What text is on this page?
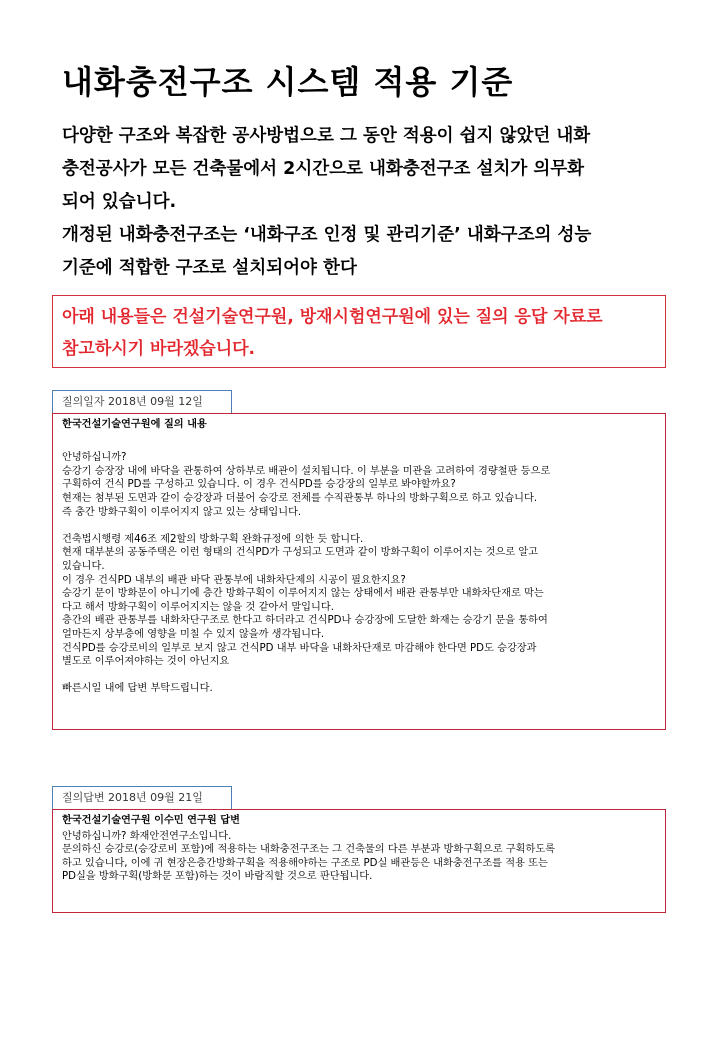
내화충전구조 시스템 적용 기준

다양한 구조와 복잡한 공사방법으로 그 동안 적용이 쉽지 않았던 내화

충전공사가 모든 건축물에서 2시간으로 내화충전구조 설치가 의무화

되어 있습니다.

개정된 내화충전구조는 ‘내화구조 인정 및 관리기준’ 내화구조의 성능

기준에 적합한 구조로 설치되어야 한다

아래 내용들은 건설기술연구원, 방재시험연구원에 있는 질의 응답 자료로

참고하시기 바라겠습니다.

질의일자 2018년 09월 12일
한국건설기술연구원에 질의 내용
안녕하십니까?
승강기 승장장 내에 바닥을 관통하여 상하부로 배관이 설치됩니다. 이 부분을 미관을 고려하여 경량철판 등으로
구획하여 건식 PD를 구성하고 있습니다. 이 경우 건식PD를 승강장의 일부로 봐야할까요?
현재는 첨부된 도면과 같이 승강장과 더불어 승강로 전체를 수직관통부 하나의 방화구획으로 하고 있습니다.
즉 충간 방화구획이 이루어지지 않고 있는 상태입니다.
건축법시행령 제46조 제2할의 방화구획 완화규정에 의한 듯 합니다.
현재 대부분의 공동주택은 이런 형태의 건식PD가 구성되고 도면과 같이 방화구획이 이루어지는 것으로 알고
있습니다.
이 경우 건식PD 내부의 배관 바닥 관통부에 내화차단제의 시공이 필요한지요?
승강기 문이 방화문이 아니기에 층간 방화구획이 이루어지지 않는 상태에서 배관 관통부만 내화차단재로 막는
다고 해서 방화구획이 이루어지지는 않을 것 같아서 말입니다.
층간의 배관 관통부를 내화차단구조로 한다고 하더라고 건식PD나 승강장에 도달한 화재는 승강기 문을 통하여
얼마든지 상부층에 영향을 미칠 수 있지 않을까 생각됩니다.
건식PD를 승강로비의 일부로 보지 않고 건식PD 내부 바닥을 내화차단재로 마감해야 한다면 PD도 승강장과
별도로 이루어져야하는 것이 아닌지요
빠른시일 내에 답변 부탁드립니다.
질의답변 2018년 09월 21일
한국건설기술연구원 이수민 연구원 답변
안녕하십니까? 화재안전연구소입니다.
문의하신 승강로(승강로비 포함)에 적용하는 내화충전구조는 그 건축물의 다른 부분과 방화구획으로 구획하도록
하고 있습니다, 이에 귀 현장은층간방화구획을 적용해야하는 구조로 PD실 배관등은 내화충전구조를 적용 또는
PD실을 방화구획(방화문 포함)하는 것이 바람직할 것으로 판단됩니다.
